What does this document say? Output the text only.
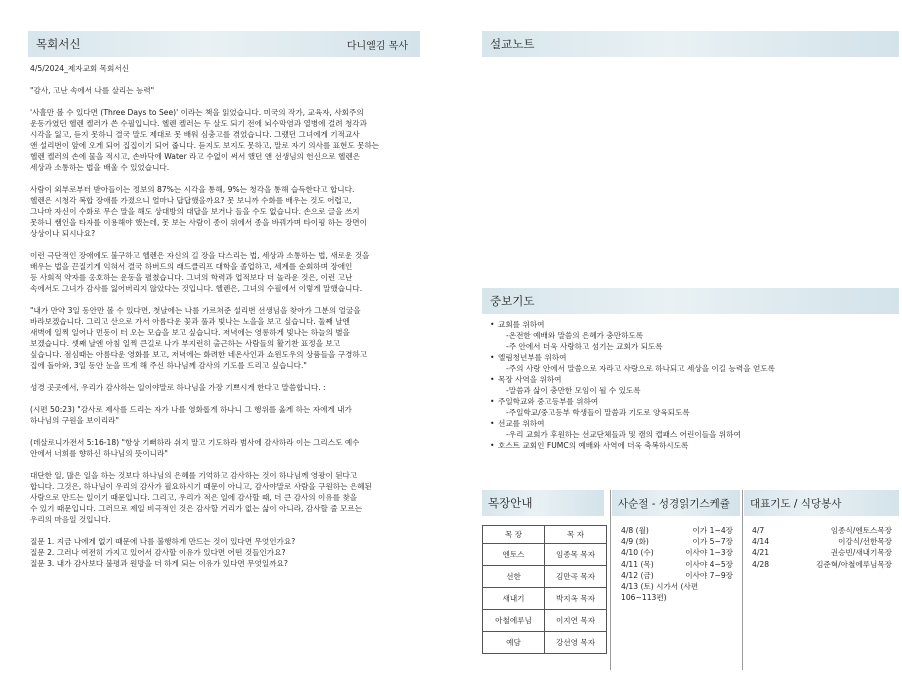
목회서신	다니엘김 목사

4/5/2024_제자교회 목회서신

"감사, 고난 속에서 나를 살리는 능력"

'사흘만 볼 수 있다면 (Three Days to See)' 이라는 책을 읽었습니다. 미국의 작가, 교육자, 사회주의

운동가였던 헬렌 켈러가 쓴 수필입니다. 헬렌 켈러는 두 살도 되기 전에 뇌수막염과 열병에 걸려 청각과

시각을 잃고, 듣지 못하니 결국 말도 제대로 못 배워 심충고를 겪었습니다. 그랬던 그녀에게 기적교사

앤 설리번이 앞에 오게 되어 집집이기 되어 줍니다. 듣지도 보지도 못하고, 말로 자기 의사를 표현도 못하는

헬렌 켈러의 손에 물을 적시고, 손바닥에 Water 라고 수없이 써서 했던 앤 선생님의 헌신으로 헬렌은

세상과 소통하는 법을 배울 수 있었습니다.

사람이 외부로부터 받아들이는 정보의 87%는 시각을 통해, 9%는 청각을 통해 습득한다고 합니다.

헬렌은 시청각 복합 장애를 가졌으니 얼마나 답답했을까요? 못 보니까 수화를 배우는 것도 어렵고,

그나마 자신이 수화로 무슨 말을 해도 상대방의 대답을 보거나 들을 수도 없습니다. 손으로 글을 쓰지

못하니 쌤인을 타자를 이용해야 했는데, 못 보는 사람이 종이 위에서 종을 바꿔가며 타이핑 하는 장면이

상상이나 되시나요?

이런 극단적인 장애에도 불구하고 헬렌은 자신의 길 장을 다스리는 법, 세상과 소통하는 법, 새로운 것을

배우는 법을 끈질기게 익혀서 결국 하버드의 래드클리프 대학을 졸업하고, 세계를 순회하며 장애인

등 사회적 약자를 옹호하는 운동을 펼쳤습니다. 그녀의 학력과 업적보다 더 놀라운 것은, 이런 고난

속에서도 그녀가 감사를 잃어버리지 않았다는 것입니다. 헬렌은, 그녀의 수필에서 이렇게 말했습니다.

"내가 만약 3일 동안만 볼 수 있다면, 첫날에는 나를 가르쳐준 설리번 선생님을 찾아가 그분의 얼굴을

바라보겠습니다. 그리고 산으로 가서 아름다운 꽃과 풀과 빛나는 노을을 보고 싶습니다. 둘째 날엔

새벽에 일찍 일어나 먼동이 터 오는 모습을 보고 싶습니다. 저녁에는 영롱하게 빛나는 하늘의 별을

보겠습니다. 셋째 날엔 아침 일찍 큰길로 나가 부지런히 출근하는 사람들의 활기찬 표정을 보고

싶습니다. 점심때는 아름다운 영화를 보고, 저녁에는 화려한 네온사인과 쇼윈도우의 상품들을 구경하고

집에 돌아와, 3일 동안 눈을 뜨게 해 주신 하나님께 감사의 기도를 드리고 싶습니다."

성경 곳곳에서, 우리가 감사하는 일이야말로 하나님을 가장 기쁘시게 한다고 말씀합니다. :

(시편 50:23) "감사로 제사를 드리는 자가 나를 영화롭게 하나니 그 행위를 옳게 하는 자에게 내가

하나님의 구원을 보이리라"

(데살로니가전서 5:16-18) "항상 기뻐하라 쉬지 말고 기도하라 범사에 감사하라 이는 그리스도 예수

안에서 너희를 향하신 하나님의 뜻이니라"

대단한 일, 많은 일을 하는 것보다 하나님의 은혜를 기억하고 감사하는 것이 하나님께 영광이 된다고

합니다. 그것은, 하나님이 우리의 감사가 필요하시기 때문이 아니고, 감사야말로 사람을 구원하는 은혜된

사람으로 만드는 일이기 때문입니다. 그리고, 우리가 적은 일에 감사할 때, 더 큰 감사의 이유를 찾을

수 있기 때문입니다. 그러므로 제일 비극적인 것은 감사할 거리가 없는 삶이 아니라, 감사할 줄 모르는

우리의 마음일 것입니다.

질문 1. 지금 나에게 없기 때문에 나를 불행하게 만드는 것이 있다면 무엇인가요?

질문 2. 그러나 여전히 가지고 있어서 감사할 이유가 있다면 어떤 것들인가요?

질문 3. 내가 감사보다 불평과 원망을 더 하게 되는 이유가 있다면 무엇일까요?

설교노트
중보기도
• 교회를 위하여
-온전한 예배와 말씀의 은혜가 충만하도록
-주 안에서 더욱 사랑하고 섬기는 교회가 되도록
• 엘림청년부를 위하여
-주의 사랑 안에서 말씀으로 자라고 사랑으로 하나되고 세상을 이길 능력을 얻도록
• 목장 사역을 위하여
-말씀과 삶이 충만한 모임이 될 수 있도록
• 주일학교와 중고등부를 위하여
-주일학교/중고등부 학생들이 말씀과 기도로 양육되도록
• 선교를 위하여
-우리 교회가 후원하는 선교단체들과 및 캠의 캡패스 어린이들을 위하여
• 호스트 교회인 FUMC의 예배와 사역에 더욱 축복하시도록
목장안내
목 장	목 자
엔토스	임종목 목자
선한	김만곡 목자
새내기	박지옥 목자
아철에루님	이지연 목자
예담	강선영 목자
사순절 - 성경읽기스케쥴
4/8 (월)	이가 1~4장
4/9 (화)	이가 5~7장
4/10 (수)	이사야 1~3장
4/11 (목)	이사야 4~5장
4/12 (금)	이사야 7~9장
4/13 (토) 시가서 (사편 106~113편)
대표기도 / 식당봉사
4/7	임종식/엔토스목장
4/14	이강식/선한목장
4/21	권승빈/새내기목장
4/28	김준혁/아철에루님목장
